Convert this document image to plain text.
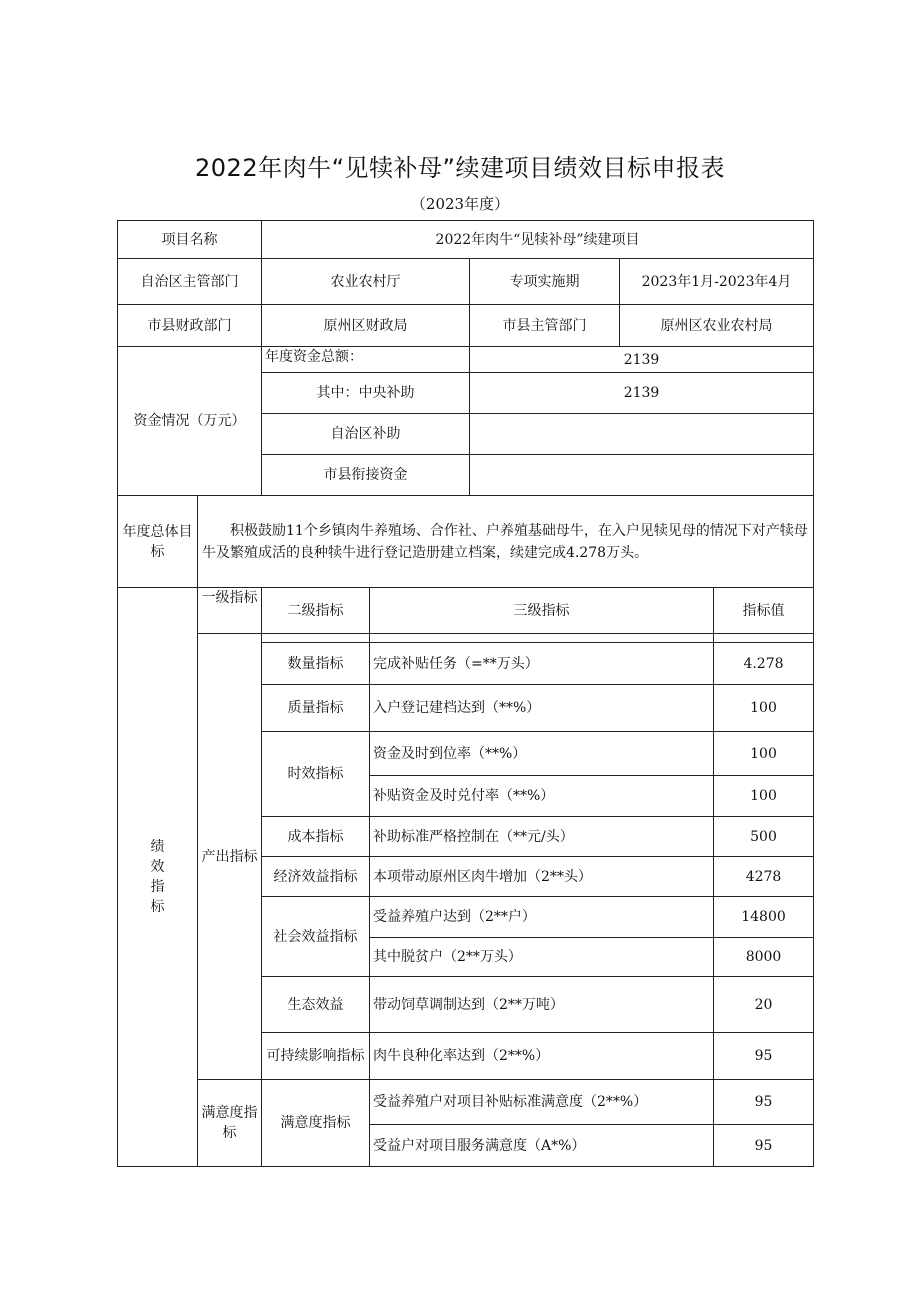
2022年肉牛“见犊补母”续建项目绩效目标申报表
（2023年度）
项目名称		2022年肉牛“见犊补母”续建项目				
自治区主管部门		农业农村厅		专项实施期	2023年1月-2023年4月	
市县财政部门		原州区财政局		市县主管部门	原州区农业农村局	
资金情况（万元）		年度资金总额：		2139		
		其中：中央补助		2139		
		自治区补助				
		市县衔接资金				
年度总体目标	积极鼓励11个乡镇肉牛养殖场、合作社、户养殖基础母牛，在入户见犊见母的情况下对产犊母牛及繁殖成活的良种犊牛进行登记造册建立档案，续建完成4.278万头。					
绩效指标	一级指标	二级指标	三级指标			指标值
	产出指标					
		数量指标	完成补贴任务（=**万头）			4.278
		质量指标	入户登记建档达到（**%）			100
		时效指标	资金及时到位率（**%）			100
			补贴资金及时兑付率（**%）			100
		成本指标	补助标准严格控制在（**元/头）			500
		经济效益指标	本项带动原州区肉牛增加（2**头）			4278
		社会效益指标	受益养殖户达到（2**户）			14800
			其中脱贫户（2**万头）			8000
		生态效益	带动饲草调制达到（2**万吨）			20
		可持续影响指标	肉牛良种化率达到（2**%）			95
	满意度指标	满意度指标	受益养殖户对项目补贴标准满意度（2**%）			95
			受益户对项目服务满意度（A*%）			95
